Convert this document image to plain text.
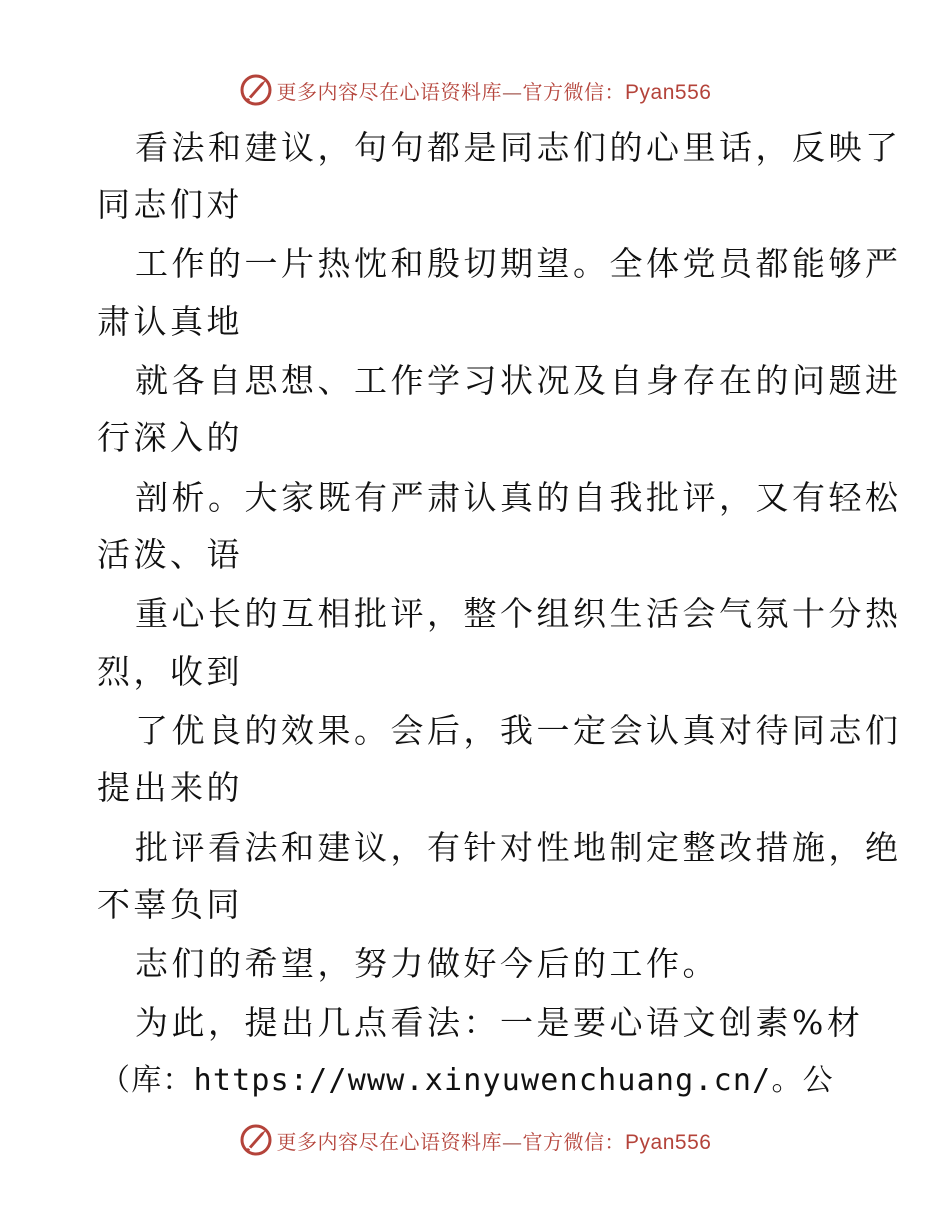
更多内容尽在心语资料库—官方微信：Pyan556
看法和建议，句句都是同志们的心里话，反映了
同志们对
工作的一片热忱和殷切期望。全体党员都能够严
肃认真地
就各自思想、工作学习状况及自身存在的问题进
行深入的
剖析。大家既有严肃认真的自我批评，又有轻松
活泼、语
重心长的互相批评，整个组织生活会气氛十分热
烈，收到
了优良的效果。会后，我一定会认真对待同志们
提出来的
批评看法和建议，有针对性地制定整改措施，绝
不辜负同
志们的希望，努力做好今后的工作。
为此，提出几点看法：一是要心语文创素%材
（库：https://www.xinyuwenchuang.cn/。公
更多内容尽在心语资料库—官方微信：Pyan556
